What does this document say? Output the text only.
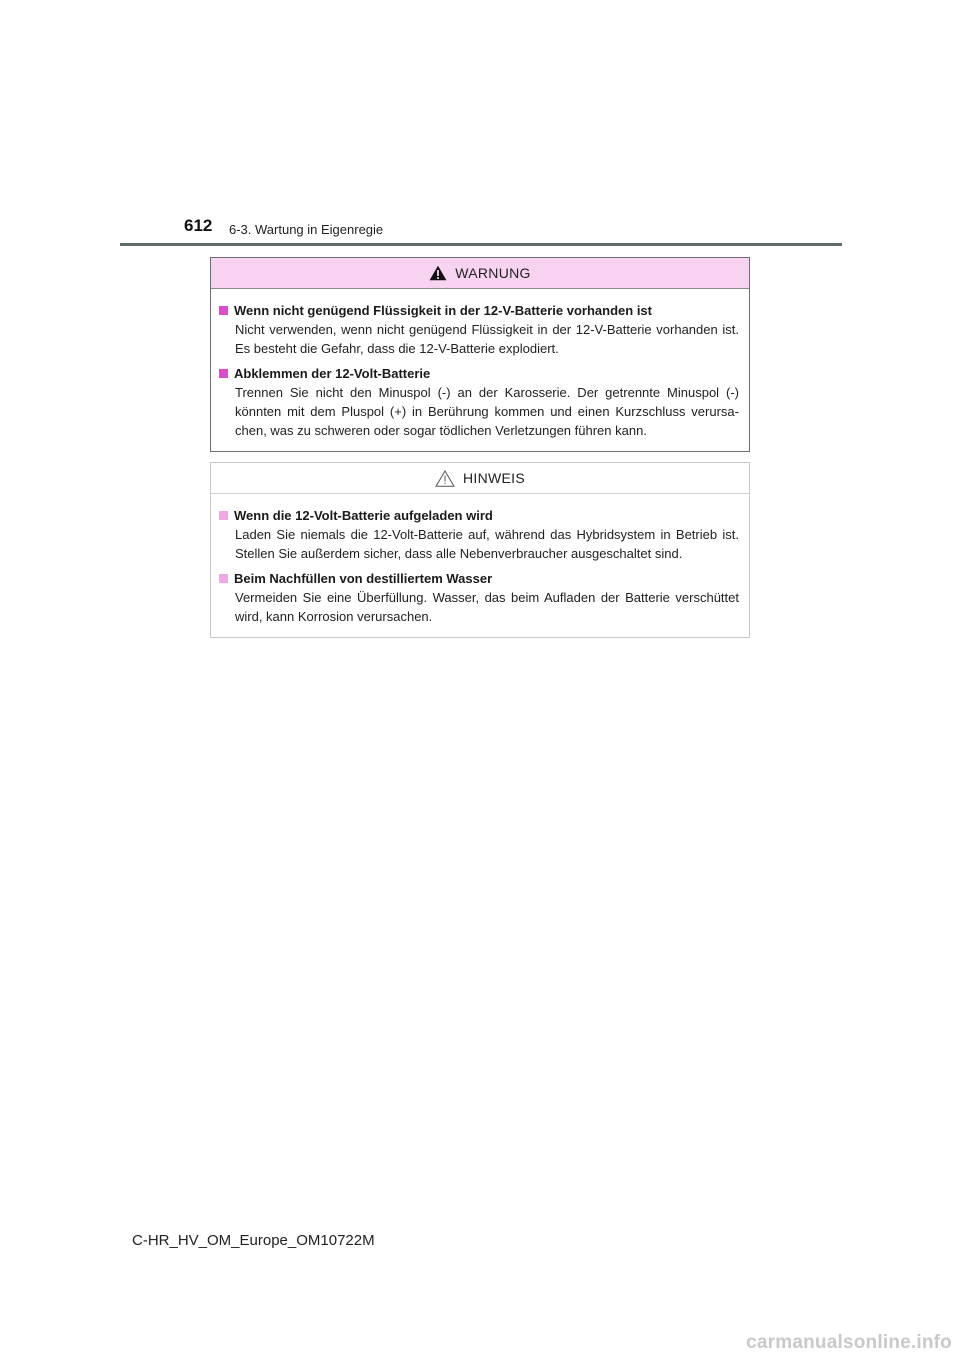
612 6-3. Wartung in Eigenregie
WARNUNG
Wenn nicht genügend Flüssigkeit in der 12-V-Batterie vorhanden ist
Nicht verwenden, wenn nicht genügend Flüssigkeit in der 12-V-Batterie vorhanden ist. Es besteht die Gefahr, dass die 12-V-Batterie explodiert.
Abklemmen der 12-Volt-Batterie
Trennen Sie nicht den Minuspol (-) an der Karosserie. Der getrennte Minuspol (-) könnten mit dem Pluspol (+) in Berührung kommen und einen Kurzschluss verursa-chen, was zu schweren oder sogar tödlichen Verletzungen führen kann.
HINWEIS
Wenn die 12-Volt-Batterie aufgeladen wird
Laden Sie niemals die 12-Volt-Batterie auf, während das Hybridsystem in Betrieb ist. Stellen Sie außerdem sicher, dass alle Nebenverbraucher ausgeschaltet sind.
Beim Nachfüllen von destilliertem Wasser
Vermeiden Sie eine Überfüllung. Wasser, das beim Aufladen der Batterie verschüttet wird, kann Korrosion verursachen.
C-HR_HV_OM_Europe_OM10722M
carmanualsonline.info
